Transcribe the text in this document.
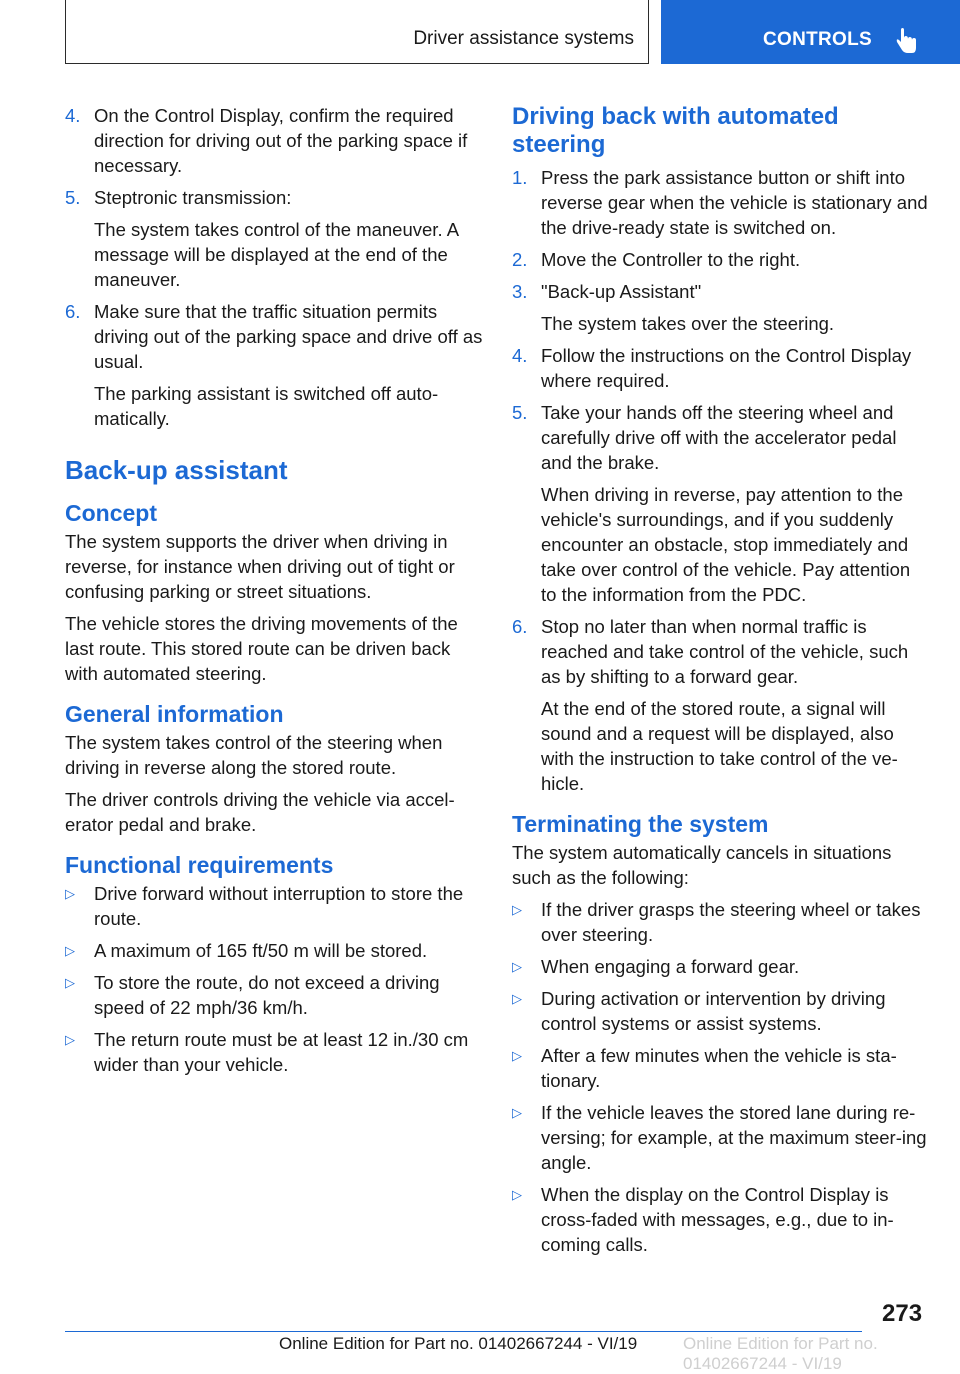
Driver assistance systems	CONTROLS
4. On the Control Display, confirm the required direction for driving out of the parking space if necessary.
5. Steptronic transmission:
The system takes control of the maneuver. A message will be displayed at the end of the maneuver.
6. Make sure that the traffic situation permits driving out of the parking space and drive off as usual.
The parking assistant is switched off auto‐matically.
Back-up assistant
Concept

The system supports the driver when driving in reverse, for instance when driving out of tight or confusing parking or street situations.

The vehicle stores the driving movements of the last route. This stored route can be driven back with automated steering.

General information

The system takes control of the steering when driving in reverse along the stored route.

The driver controls driving the vehicle via accel‐erator pedal and brake.

Functional requirements
▷ Drive forward without interruption to store the route.
▷ A maximum of 165 ft/50 m will be stored.
▷ To store the route, do not exceed a driving speed of 22 mph/36 km/h.
▷ The return route must be at least 12 in./30 cm wider than your vehicle.
Driving back with automated steering
1. Press the park assistance button or shift into reverse gear when the vehicle is stationary and the drive-ready state is switched on.
2. Move the Controller to the right.
3. "Back-up Assistant"
The system takes over the steering.
4. Follow the instructions on the Control Display where required.
5. Take your hands off the steering wheel and carefully drive off with the accelerator pedal and the brake.
When driving in reverse, pay attention to the vehicle's surroundings, and if you suddenly encounter an obstacle, stop immediately and take over control of the vehicle. Pay attention to the information from the PDC.
6. Stop no later than when normal traffic is reached and take control of the vehicle, such as by shifting to a forward gear.
At the end of the stored route, a signal will sound and a request will be displayed, also with the instruction to take control of the ve‐hicle.
Terminating the system

The system automatically cancels in situations such as the following:

▷ If the driver grasps the steering wheel or takes over steering.
▷ When engaging a forward gear.
▷ During activation or intervention by driving control systems or assist systems.
▷ After a few minutes when the vehicle is sta‐tionary.
▷ If the vehicle leaves the stored lane during re‐versing; for example, at the maximum steer‐ing angle.
▷ When the display on the Control Display is cross-faded with messages, e.g., due to in‐coming calls.
273
Online Edition for Part no. 01402667244 - VI/19	Online Edition for Part no. 01402667244 - VI/19
